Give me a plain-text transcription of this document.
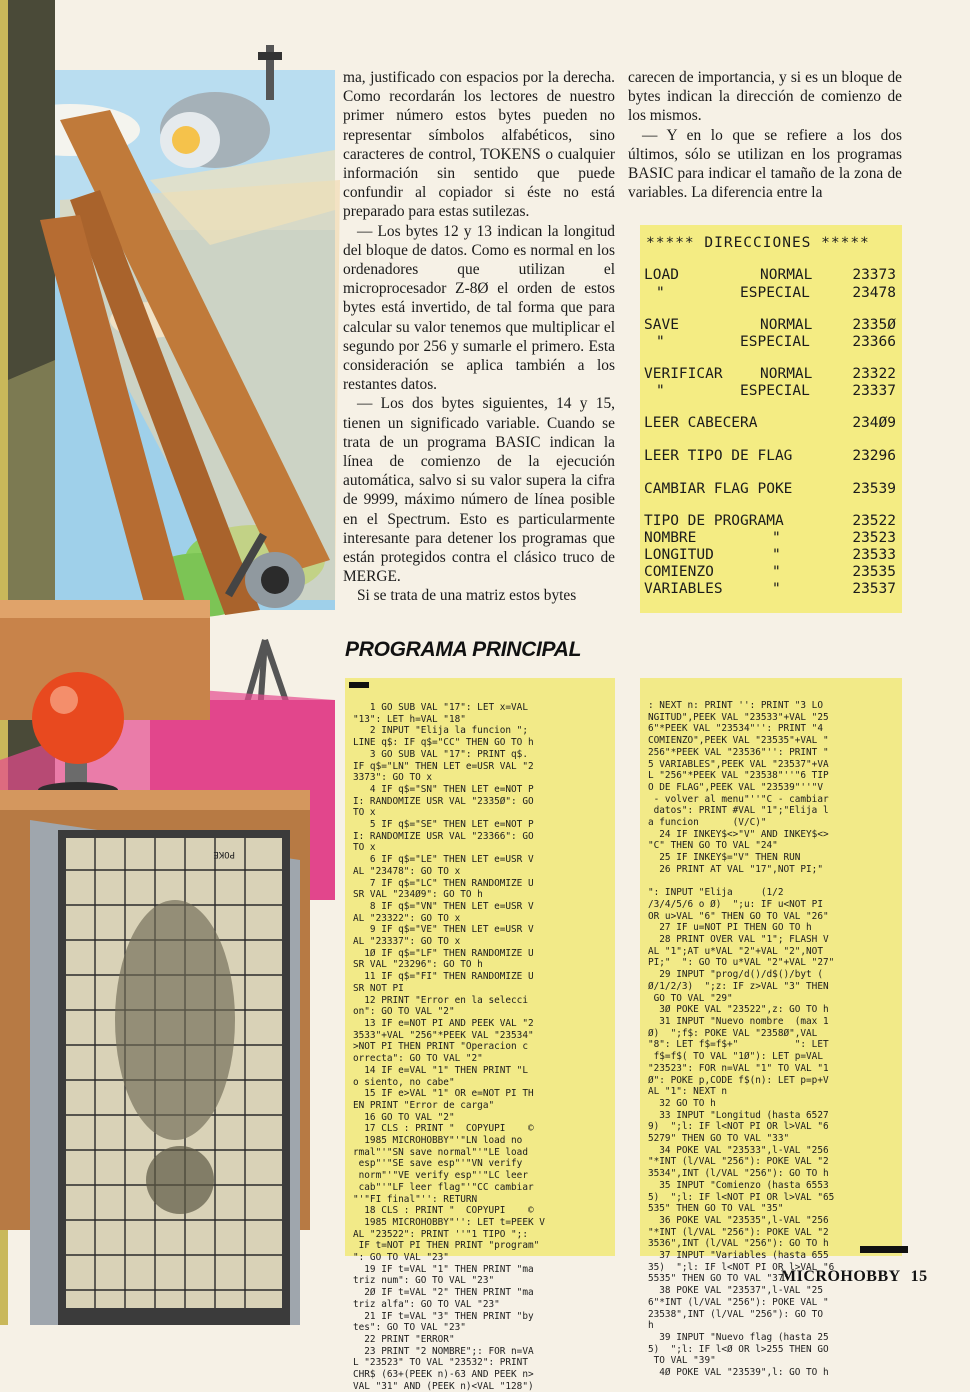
POKE

ma, justificado con espacios por la derecha. Como recordarán los lectores de nuestro primer número estos bytes pueden no representar símbolos alfabéticos, sino caracteres de control, TOKENS o cualquier información sin sentido que puede confundir al copiador si éste no está preparado para estas sutilezas.

— Los bytes 12 y 13 indican la longitud del bloque de datos. Como es normal en los ordenadores que utilizan el microprocesador Z-8Ø el orden de estos bytes está invertido, de tal forma que para calcular su valor tenemos que multiplicar el segundo por 256 y sumarle el primero. Esta consideración se aplica también a los restantes datos.

— Los dos bytes siguientes, 14 y 15, tienen un significado variable. Cuando se trata de un programa BASIC indican la línea de comienzo de la ejecución automática, salvo si su valor supera la cifra de 9999, máximo número de línea posible en el Spectrum. Esto es particularmente interesante para detener los programas que están protegidos contra el clásico truco de MERGE.

Si se trata de una matriz estos bytes

carecen de importancia, y si es un bloque de bytes indican la dirección de comienzo de los mismos.

— Y en lo que se refiere a los dos últimos, sólo se utilizan en los programas BASIC para indicar el tamaño de la zona de variables. La diferencia entre la

***** DIRECCIONES *****
LOAD	NORMAL	23373
"	ESPECIAL	23478
SAVE	NORMAL	2335Ø
"	ESPECIAL	23366
VERIFICAR	NORMAL	23322
"	ESPECIAL	23337
LEER CABECERA	234Ø9
LEER TIPO DE FLAG	23296
CAMBIAR FLAG POKE	23539
TIPO DE PROGRAMA	23522
NOMBRE	"	23523
LONGITUD	"	23533
COMIENZO	"	23535
VARIABLES	"	23537
PROGRAMA PRINCIPAL

1 GO SUB VAL "17": LET x=VAL
"13": LET h=VAL "18"
2 INPUT "Elija la funcion ";
LINE q$: IF q$="CC" THEN GO TO h
3 GO SUB VAL "17": PRINT q$.
IF q$="LN" THEN LET e=USR VAL "2
3373": GO TO x
4 IF q$="SN" THEN LET e=NOT P
I: RANDOMIZE USR VAL "2335Ø": GO
TO x
5 IF q$="SE" THEN LET e=NOT P
I: RANDOMIZE USR VAL "23366": GO
TO x
6 IF q$="LE" THEN LET e=USR V
AL "23478": GO TO x
7 IF q$="LC" THEN RANDOMIZE U
SR VAL "234Ø9": GO TO h
8 IF q$="VN" THEN LET e=USR V
AL "23322": GO TO x
9 IF q$="VE" THEN LET e=USR V
AL "23337": GO TO x
1Ø IF q$="LF" THEN RANDOMIZE U
SR VAL "23296": GO TO h
11 IF q$="FI" THEN RANDOMIZE U
SR NOT PI
12 PRINT "Error en la selecci
on": GO TO VAL "2"
13 IF e=NOT PI AND PEEK VAL "2
3533"+VAL "256"*PEEK VAL "23534"
>NOT PI THEN PRINT "Operacion c
orrecta": GO TO VAL "2"
14 IF e=VAL "1" THEN PRINT "L
o siento, no cabe"
15 IF e>VAL "1" OR e=NOT PI TH
EN PRINT "Error de carga"
16 GO TO VAL "2"
17 CLS : PRINT "  COPYUPI    ©
1985 MICROHOBBY"'"LN load no
rmal"'"SN save normal"'"LE load
esp"'"SE save esp"'"VN verify
norm"'"VE verify esp"'"LC leer
cab"'"LF leer flag"'"CC cambiar
"'"FI final"'': RETURN
18 CLS : PRINT "  COPYUPI    ©
1985 MICROHOBBY"'': LET t=PEEK V
AL "23522": PRINT ''"1 TIPO ";:
IF t=NOT PI THEN PRINT "program"
": GO TO VAL "23"
19 IF t=VAL "1" THEN PRINT "ma
triz num": GO TO VAL "23"
2Ø IF t=VAL "2" THEN PRINT "ma
triz alfa": GO TO VAL "23"
21 IF t=VAL "3" THEN PRINT "by
tes": GO TO VAL "23"
22 PRINT "ERROR"
23 PRINT "2 NOMBRE";: FOR n=VA
L "23523" TO VAL "23532": PRINT
CHR$ (63+(PEEK n)-63 AND PEEK n>
VAL "31" AND (PEEK n)<VAL "128")

: NEXT n: PRINT '': PRINT "3 LO
NGITUD",PEEK VAL "23533"+VAL "25
6"*PEEK VAL "23534"'': PRINT "4
COMIENZO",PEEK VAL "23535"+VAL "
256"*PEEK VAL "23536"'': PRINT "
5 VARIABLES",PEEK VAL "23537"+VA
L "256"*PEEK VAL "23538"''"6 TIP
O DE FLAG",PEEK VAL "23539"''"V
- volver al menu"''"C - cambiar
datos": PRINT #VAL "1";"Elija l
a funcion      (V/C)"
24 IF INKEY$<>"V" AND INKEY$<>
"C" THEN GO TO VAL "24"
25 IF INKEY$="V" THEN RUN
26 PRINT AT VAL "17",NOT PI;"

": INPUT "Elija     (1/2
/3/4/5/6 o Ø)  ";u: IF u<NOT PI
OR u>VAL "6" THEN GO TO VAL "26"
27 IF u=NOT PI THEN GO TO h
28 PRINT OVER VAL "1"; FLASH V
AL "1";AT u*VAL "2"+VAL "2",NOT
PI;"  ": GO TO u*VAL "2"+VAL "27"
29 INPUT "prog/d()/d$()/byt (
Ø/1/2/3)  ";z: IF z>VAL "3" THEN
GO TO VAL "29"
3Ø POKE VAL "23522",z: GO TO h
31 INPUT "Nuevo nombre  (max 1
Ø)  ";f$: POKE VAL "2358Ø",VAL
"8": LET f$=f$+"          ": LET
f$=f$( TO VAL "1Ø"): LET p=VAL
"23523": FOR n=VAL "1" TO VAL "1
Ø": POKE p,CODE f$(n): LET p=p+V
AL "1": NEXT n
32 GO TO h
33 INPUT "Longitud (hasta 6527
9)  ";l: IF l<NOT PI OR l>VAL "6
5279" THEN GO TO VAL "33"
34 POKE VAL "23533",l-VAL "256
"*INT (l/VAL "256"): POKE VAL "2
3534",INT (l/VAL "256"): GO TO h
35 INPUT "Comienzo (hasta 6553
5)  ";l: IF l<NOT PI OR l>VAL "65
535" THEN GO TO VAL "35"
36 POKE VAL "23535",l-VAL "256
"*INT (l/VAL "256"): POKE VAL "2
3536",INT (l/VAL "256"): GO TO h
37 INPUT "Variables (hasta 655
35)  ";l: IF l<NOT PI OR l>VAL "6
5535" THEN GO TO VAL "37"
38 POKE VAL "23537",l-VAL "25
6"*INT (l/VAL "256"): POKE VAL "
23538",INT (l/VAL "256"): GO TO
h
39 INPUT "Nuevo flag (hasta 25
5)  ";l: IF l<Ø OR l>255 THEN GO
TO VAL "39"
4Ø POKE VAL "23539",l: GO TO h

MICROHOBBY 15
